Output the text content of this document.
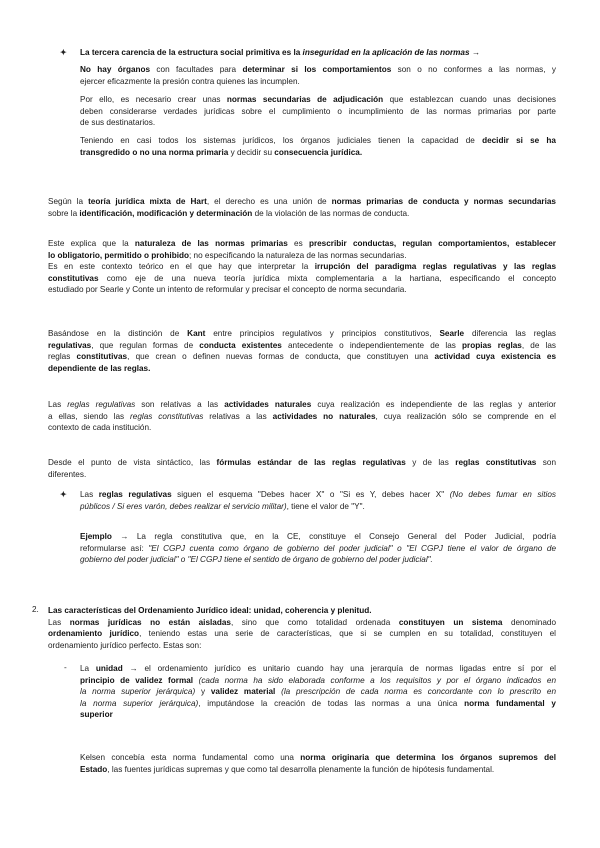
✦ La tercera carencia de la estructura social primitiva es la inseguridad en la aplicación de las normas →

No hay órganos con facultades para determinar si los comportamientos son o no conformes a las normas, y
ejercer eficazmente la presión contra quienes las incumplen.

Por ello, es necesario crear unas normas secundarias de adjudicación que establezcan cuando unas decisiones
deben considerarse verdades jurídicas sobre el cumplimiento o incumplimiento de las normas primarias por parte
de sus destinatarios.

Teniendo en casi todos los sistemas jurídicos, los órganos judiciales tienen la capacidad de decidir si se ha
transgredido o no una norma primaria y decidir su consecuencia jurídica.

Según la teoría jurídica mixta de Hart, el derecho es una unión de normas primarias de conducta y normas secundarias
sobre la identificación, modificación y determinación de la violación de las normas de conducta.

Este explica que la naturaleza de las normas primarias es prescribir conductas, regulan comportamientos, establecer
lo obligatorio, permitido o prohibido; no especificando la naturaleza de las normas secundarias.
Es en este contexto teórico en el que hay que interpretar la irrupción del paradigma reglas regulativas y las reglas
constitutivas como eje de una nueva teoría jurídica mixta complementaria a la hartiana, especificando el concepto
estudiado por Searle y Conte un intento de reformular y precisar el concepto de norma secundaria.

Basándose en la distinción de Kant entre principios regulativos y principios constitutivos, Searle diferencia las reglas
regulativas, que regulan formas de conducta existentes antecedente o independientemente de las propias reglas, de las
reglas constitutivas, que crean o definen nuevas formas de conducta, que constituyen una actividad cuya existencia es
dependiente de las reglas.

Las reglas regulativas son relativas a las actividades naturales cuya realización es independiente de las reglas y anterior
a ellas, siendo las reglas constitutivas relativas a las actividades no naturales, cuya realización sólo se comprende en el
contexto de cada institución.

Desde el punto de vista sintáctico, las fórmulas estándar de las reglas regulativas y de las reglas constitutivas son
diferentes.

✦ Las reglas regulativas siguen el esquema "Debes hacer X" o "Si es Y, debes hacer X" (No debes fumar en sitios
públicos / Si eres varón, debes realizar el servicio militar), tiene el valor de "Y".

Ejemplo → La regla constitutiva que, en la CE, constituye el Consejo General del Poder Judicial, podría
reformularse así: "El CGPJ cuenta como órgano de gobierno del poder judicial" o "El CGPJ tiene el valor de órgano de
gobierno del poder judicial" o "El CGPJ tiene el sentido de órgano de gobierno del poder judicial".

2. Las características del Ordenamiento Jurídico ideal: unidad, coherencia y plenitud.
Las normas jurídicas no están aisladas, sino que como totalidad ordenada constituyen un sistema denominado
ordenamiento jurídico, teniendo estas una serie de características, que si se cumplen en su totalidad, constituyen el
ordenamiento jurídico perfecto. Estas son:

- La unidad → el ordenamiento jurídico es unitario cuando hay una jerarquía de normas ligadas entre sí por el
principio de validez formal (cada norma ha sido elaborada conforme a los requisitos y por el órgano indicados en
la norma superior jerárquica) y validez material (la prescripción de cada norma es concordante con lo prescrito en
la norma superior jerárquica), imputándose la creación de todas las normas a una única norma fundamental y
superior

Kelsen concebía esta norma fundamental como una norma originaria que determina los órganos supremos del
Estado, las fuentes jurídicas supremas y que como tal desarrolla plenamente la función de hipótesis fundamental.
